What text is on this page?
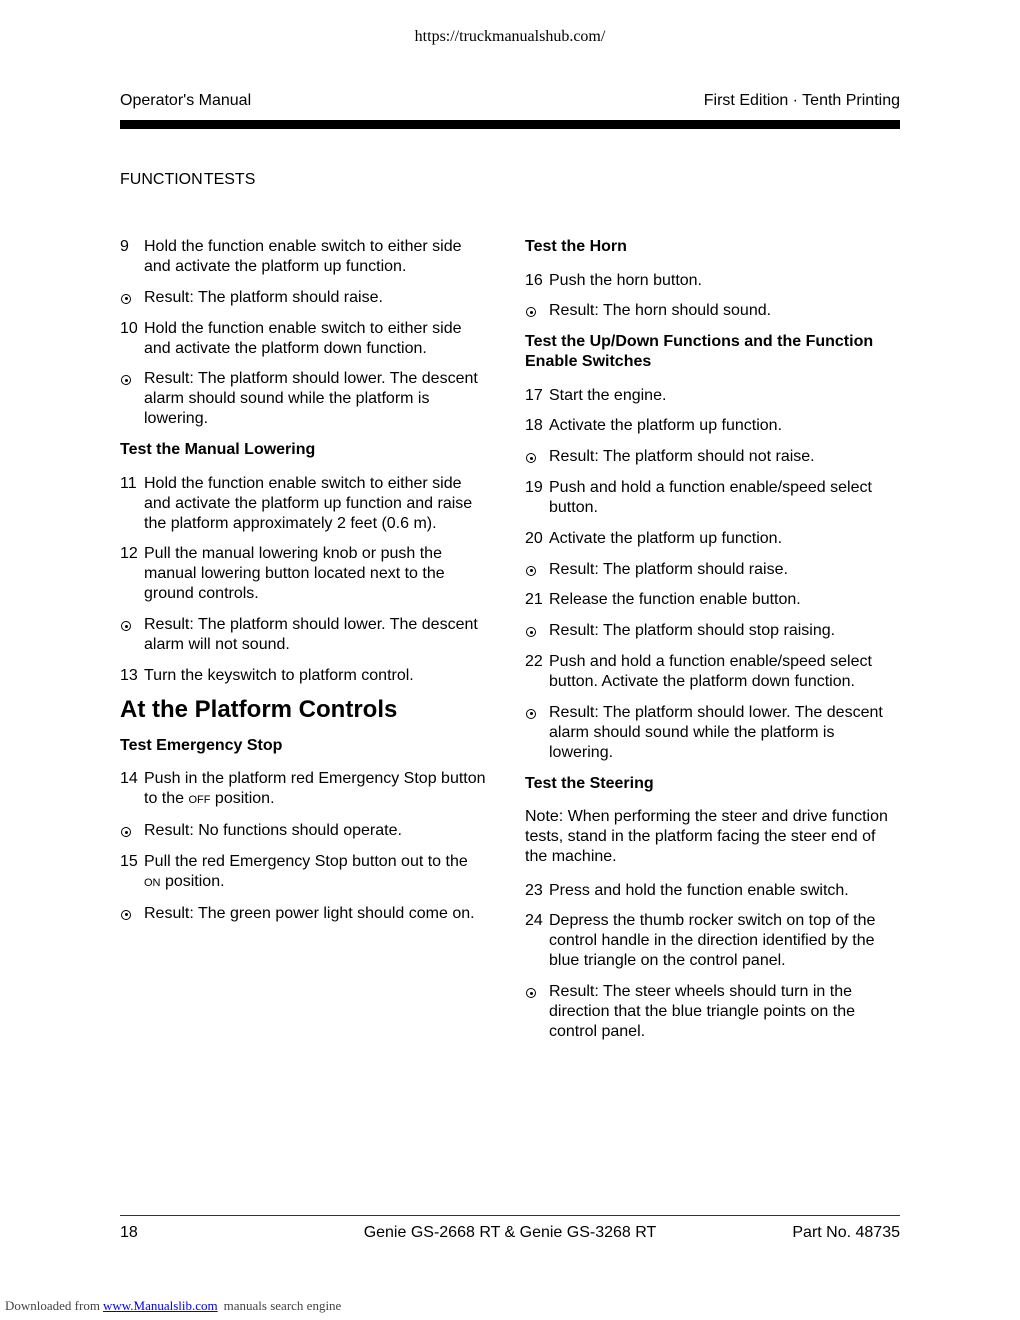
https://truckmanualshub.com/
Operator's Manual	First Edition · Tenth Printing
FUNCTION TESTS
9 Hold the function enable switch to either side
and activate the platform up function.
Result: The platform should raise.
10 Hold the function enable switch to either side
and activate the platform down function.
Result: The platform should lower. The descent
alarm should sound while the platform is
lowering.
Test the Manual Lowering
11 Hold the function enable switch to either side
and activate the platform up function and raise
the platform approximately 2 feet (0.6 m).
12 Pull the manual lowering knob or push the
manual lowering button located next to the
ground controls.
Result: The platform should lower. The descent
alarm will not sound.
13 Turn the keyswitch to platform control.
At the Platform Controls
Test Emergency Stop
14 Push in the platform red Emergency Stop button
to the OFF position.
Result: No functions should operate.
15 Pull the red Emergency Stop button out to the
ON position.
Result: The green power light should come on.
Test the Horn
16 Push the horn button.
Result: The horn should sound.
Test the Up/Down Functions and the Function
Enable Switches
17 Start the engine.
18 Activate the platform up function.
Result: The platform should not raise.
19 Push and hold a function enable/speed select
button.
20 Activate the platform up function.
Result: The platform should raise.
21 Release the function enable button.
Result: The platform should stop raising.
22 Push and hold a function enable/speed select
button. Activate the platform down function.
Result: The platform should lower. The descent
alarm should sound while the platform is
lowering.
Test the Steering
Note: When performing the steer and drive function
tests, stand in the platform facing the steer end of
the machine.
23 Press and hold the function enable switch.
24 Depress the thumb rocker switch on top of the
control handle in the direction identified by the
blue triangle on the control panel.
Result: The steer wheels should turn in the
direction that the blue triangle points on the
control panel.
18	Genie GS-2668 RT & Genie GS-3268 RT	Part No. 48735
Downloaded from www.Manualslib.com manuals search engine
